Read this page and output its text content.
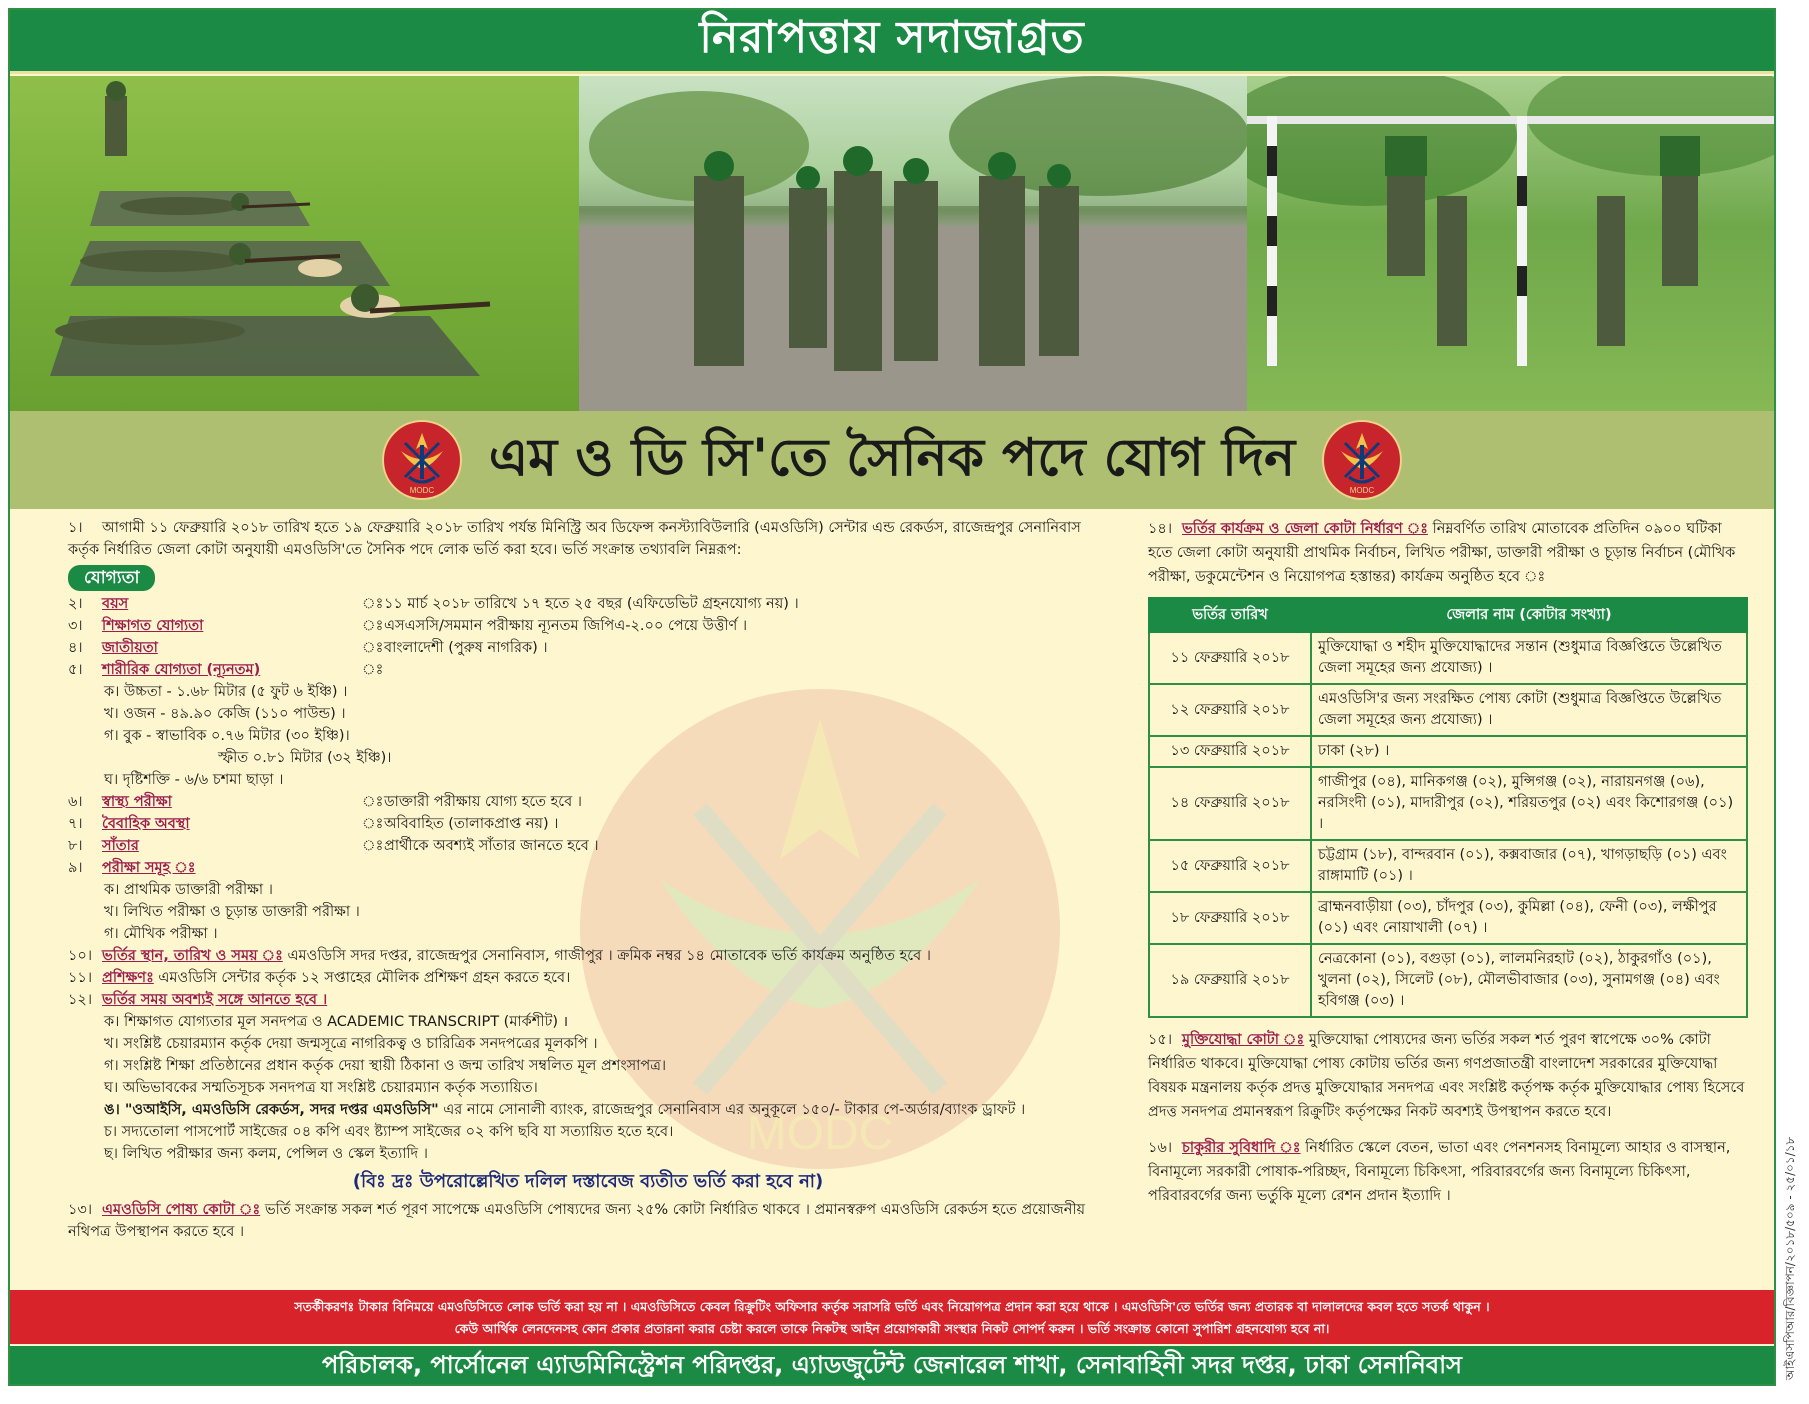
নিরাপত্তায় সদাজাগ্রত
MODC
এম ও ডি সি'তে সৈনিক পদে যোগ দিন
MODC
MODC

১। আগামী ১১ ফেব্রুয়ারি ২০১৮ তারিখ হতে ১৯ ফেব্রুয়ারি ২০১৮ তারিখ পর্যন্ত মিনিস্ট্রি অব ডিফেন্স কনস্ট্যাবিউলারি (এমওডিসি) সেন্টার এন্ড রেকর্ডস, রাজেন্দ্রপুর সেনানিবাস কর্তৃক নির্ধারিত জেলা কোটা অনুযায়ী এমওডিসি'তে সৈনিক পদে লোক ভর্তি করা হবে। ভর্তি সংক্রান্ত তথ্যাবলি নিম্নরূপ:

যোগ্যতা
২।	বয়স	ঃ ১১ মার্চ ২০১৮ তারিখে ১৭ হতে ২৫ বছর (এফিডেভিট গ্রহনযোগ্য নয়) ।
৩।	শিক্ষাগত যোগ্যতা	ঃ এসএসসি/সমমান পরীক্ষায় ন্যূনতম জিপিএ-২.০০ পেয়ে উত্তীর্ণ ।
৪।	জাতীয়তা	ঃ বাংলাদেশী (পুরুষ নাগরিক) ।
৫।	শারীরিক যোগ্যতা (ন্যূনতম)	ঃ

ক। উচ্চতা - ১.৬৮ মিটার (৫ ফুট ৬ ইঞ্চি) ।

খ। ওজন - ৪৯.৯০ কেজি (১১০ পাউন্ড) ।

গ। বুক - স্বাভাবিক ০.৭৬ মিটার (৩০ ইঞ্চি)।

স্ফীত ০.৮১ মিটার (৩২ ইঞ্চি)।

ঘ। দৃষ্টিশক্তি - ৬/৬ চশমা ছাড়া ।

৬।	স্বাস্থ্য পরীক্ষা	ঃ ডাক্তারী পরীক্ষায় যোগ্য হতে হবে ।
৭।	বৈবাহিক অবস্থা	ঃ অবিবাহিত (তালাকপ্রাপ্ত নয়) ।
৮।	সাঁতার	ঃ প্রার্থীকে অবশ্যই সাঁতার জানতে হবে ।
৯।	পরীক্ষা সমূহ ঃ

ক। প্রাথমিক ডাক্তারী পরীক্ষা ।

খ। লিখিত পরীক্ষা ও চূড়ান্ত ডাক্তারী পরীক্ষা ।

গ। মৌখিক পরীক্ষা ।

১০। ভর্তির স্থান, তারিখ ও সময় ঃ এমওডিসি সদর দপ্তর, রাজেন্দ্রপুর সেনানিবাস, গাজীপুর । ক্রমিক নম্বর ১৪ মোতাবেক ভর্তি কার্যক্রম অনুষ্ঠিত হবে ।

১১। প্রশিক্ষণঃ এমওডিসি সেন্টার কর্তৃক ১২ সপ্তাহের মৌলিক প্রশিক্ষণ গ্রহন করতে হবে।

১২। ভর্তির সময় অবশ্যই সঙ্গে আনতে হবে ।

ক। শিক্ষাগত যোগ্যতার মূল সনদপত্র ও ACADEMIC TRANSCRIPT (মার্কশীট) ।

খ। সংশ্লিষ্ট চেয়ারম্যান কর্তৃক দেয়া জন্মসূত্রে নাগরিকত্ব ও চারিত্রিক সনদপত্রের মূলকপি ।

গ। সংশ্লিষ্ট শিক্ষা প্রতিষ্ঠানের প্রধান কর্তৃক দেয়া স্থায়ী ঠিকানা ও জন্ম তারিখ সম্বলিত মূল প্রশংসাপত্র।

ঘ। অভিভাবকের সম্মতিসূচক সনদপত্র যা সংশ্লিষ্ট চেয়ারম্যান কর্তৃক সত্যায়িত।

ঙ। "ওআইসি, এমওডিসি রেকর্ডস, সদর দপ্তর এমওডিসি" এর নামে সোনালী ব্যাংক, রাজেন্দ্রপুর সেনানিবাস এর অনুকূলে ১৫০/- টাকার পে-অর্ডার/ব্যাংক ড্রাফট ।

চ। সদ্যতোলা পাসপোর্ট সাইজের ০৪ কপি এবং ষ্ট্যাম্প সাইজের ০২ কপি ছবি যা সত্যায়িত হতে হবে।

ছ। লিখিত পরীক্ষার জন্য কলম, পেন্সিল ও স্কেল ইত্যাদি ।

(বিঃ দ্রঃ উপরোল্লেখিত দলিল দস্তাবেজ ব্যতীত ভর্তি করা হবে না)

১৩। এমওডিসি পোষ্য কোটা ঃ ভর্তি সংক্রান্ত সকল শর্ত পূরণ সাপেক্ষে এমওডিসি পোষ্যদের জন্য ২৫% কোটা নির্ধারিত থাকবে । প্রমানস্বরুপ এমওডিসি রেকর্ডস হতে প্রয়োজনীয় নথিপত্র উপস্থাপন করতে হবে ।

১৪। ভর্তির কার্যক্রম ও জেলা কোটা নির্ধারণ ঃ নিম্নবর্ণিত তারিখ মোতাবেক প্রতিদিন ০৯০০ ঘটিকা হতে জেলা কোটা অনুযায়ী প্রাথমিক নির্বাচন, লিখিত পরীক্ষা, ডাক্তারী পরীক্ষা ও চূড়ান্ত নির্বাচন (মৌখিক পরীক্ষা, ডকুমেন্টেশন ও নিয়োগপত্র হস্তান্তর) কার্যক্রম অনুষ্ঠিত হবে ঃ

ভর্তির তারিখ	জেলার নাম (কোটার সংখ্যা)
১১ ফেব্রুয়ারি ২০১৮	মুক্তিযোদ্ধা ও শহীদ মুক্তিযোদ্ধাদের সন্তান (শুধুমাত্র বিজ্ঞপ্তিতে উল্লেখিত জেলা সমূহের জন্য প্রযোজ্য) ।
১২ ফেব্রুয়ারি ২০১৮	এমওডিসি'র জন্য সংরক্ষিত পোষ্য কোটা (শুধুমাত্র বিজ্ঞপ্তিতে উল্লেখিত জেলা সমূহের জন্য প্রযোজ্য) ।
১৩ ফেব্রুয়ারি ২০১৮	ঢাকা (২৮) ।
১৪ ফেব্রুয়ারি ২০১৮	গাজীপুর (০৪), মানিকগঞ্জ (০২), মুন্সিগঞ্জ (০২), নারায়নগঞ্জ (০৬), নরসিংদী (০১), মাদারীপুর (০২), শরিয়তপুর (০২) এবং কিশোরগঞ্জ (০১) ।
১৫ ফেব্রুয়ারি ২০১৮	চট্টগ্রাম (১৮), বান্দরবান (০১), কক্সবাজার (০৭), খাগড়াছড়ি (০১) এবং রাঙ্গামাটি (০১) ।
১৮ ফেব্রুয়ারি ২০১৮	ব্রাহ্মনবাড়ীয়া (০৩), চাঁদপুর (০৩), কুমিল্লা (০৪), ফেনী (০৩), লক্ষীপুর (০১) এবং নোয়াখালী (০৭) ।
১৯ ফেব্রুয়ারি ২০১৮	নেত্রকোনা (০১), বগুড়া (০১), লালমনিরহাট (০২), ঠাকুরগাঁও (০১), খুলনা (০২), সিলেট (০৮), মৌলভীবাজার (০৩), সুনামগঞ্জ (০৪) এবং হবিগঞ্জ (০৩) ।

১৫। মুক্তিযোদ্ধা কোটা ঃ মুক্তিযোদ্ধা পোষ্যদের জন্য ভর্তির সকল শর্ত পুরণ স্বাপেক্ষে ৩০% কোটা নির্ধারিত থাকবে। মুক্তিযোদ্ধা পোষ্য কোটায় ভর্তির জন্য গণপ্রজাতন্ত্রী বাংলাদেশ সরকারের মুক্তিযোদ্ধা বিষয়ক মন্ত্রনালয় কর্তৃক প্রদত্ত মুক্তিযোদ্ধার সনদপত্র এবং সংশ্লিষ্ট কর্তৃপক্ষ কর্তৃক মুক্তিযোদ্ধার পোষ্য হিসেবে প্রদত্ত সনদপত্র প্রমানস্বরূপ রিক্রুটিং কর্তৃপক্ষের নিকট অবশ্যই উপস্থাপন করতে হবে।

১৬। চাকুরীর সুবিধাদি ঃ নির্ধারিত স্কেলে বেতন, ভাতা এবং পেনশনসহ বিনামূল্যে আহার ও বাসস্থান, বিনামূল্যে সরকারী পোষাক-পরিচ্ছদ, বিনামূল্যে চিকিৎসা, পরিবারবর্গের জন্য বিনামূল্যে চিকিৎসা, পরিবারবর্গের জন্য ভর্তুকি মূল্যে রেশন প্রদান ইত্যাদি ।

সতর্কীকরণঃ টাকার বিনিময়ে এমওডিসিতে লোক ভর্তি করা হয় না । এমওডিসিতে কেবল রিক্রুটিং অফিসার কর্তৃক সরাসরি ভর্তি এবং নিয়োগপত্র প্রদান করা হয়ে থাকে । এমওডিসি'তে ভর্তির জন্য প্রতারক বা দালালদের কবল হতে সতর্ক থাকুন ।

কেউ আর্থিক লেনদেনসহ কোন প্রকার প্রতারনা করার চেষ্টা করলে তাকে নিকটস্থ আইন প্রয়োগকারী সংস্থার নিকট সোপর্দ করুন । ভর্তি সংক্রান্ত কোনো সুপারিশ গ্রহনযোগ্য হবে না।

পরিচালক, পার্সোনেল এ্যাডমিনিস্ট্রেশন পরিদপ্তর, এ্যাডজুটেন্ট জেনারেল শাখা, সেনাবাহিনী সদর দপ্তর, ঢাকা সেনানিবাস	আইএসপিআর/বিজ্ঞাপন/২০১৮/৫০৯ - ২৫/০১/১৮
